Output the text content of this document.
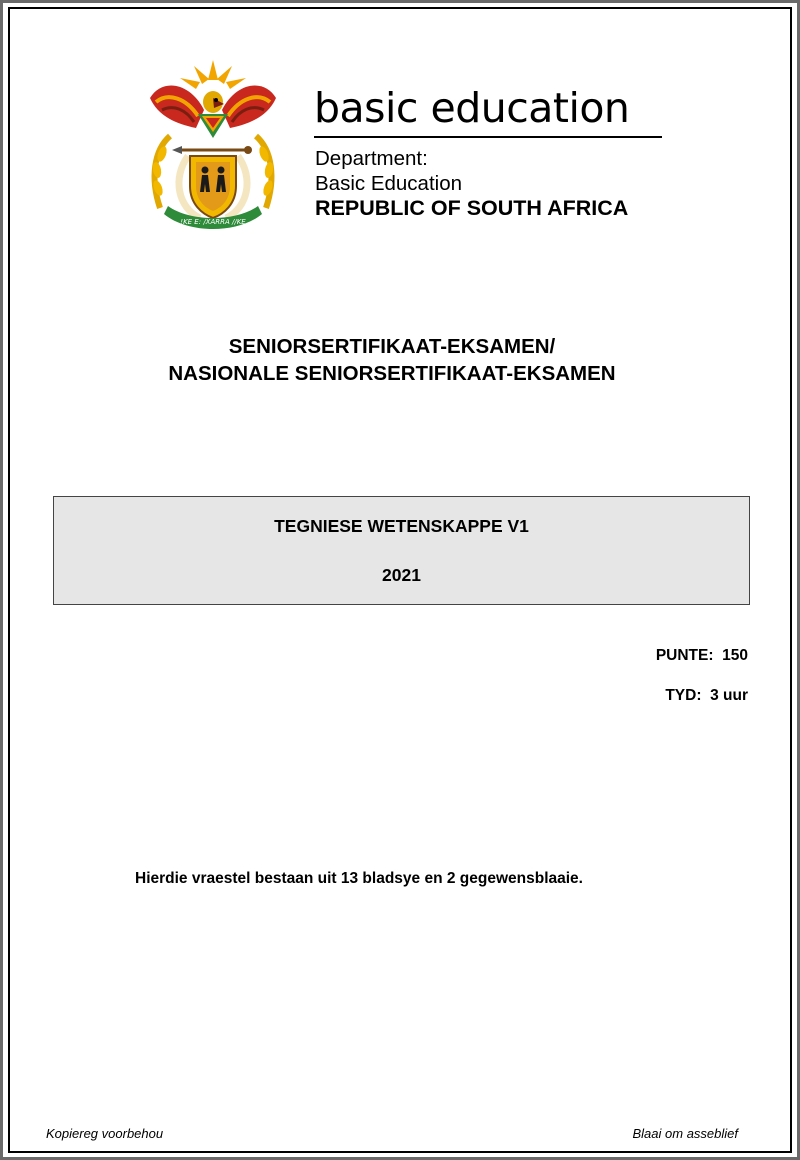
!KE E: /XARRA //KE
basic education
Department:
Basic Education
REPUBLIC OF SOUTH AFRICA
SENIORSERTIFIKAAT-EKSAMEN/
NASIONALE SENIORSERTIFIKAAT-EKSAMEN
TEGNIESE WETENSKAPPE V1
2021
PUNTE:  150
TYD:  3 uur
Hierdie vraestel bestaan uit 13 bladsye en 2 gegewensblaaie.
Kopiereg voorbehou	Blaai om asseblief
